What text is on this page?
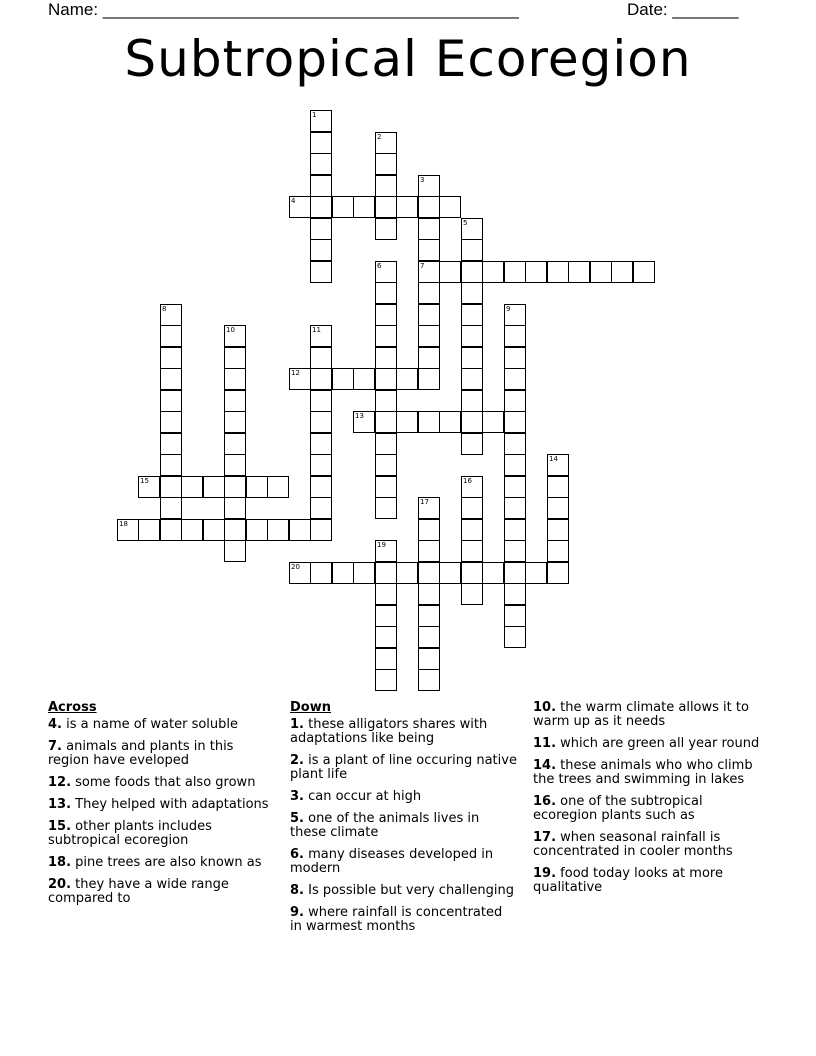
Name: ____________________________________________	Date: _______
Subtropical Ecoregion
1
2
3
7
4
5
6
8	9
10	11
12
13
14
15	16
17
18
19
20
Across
4. is a name of water soluble
7. animals and plants in this region have eveloped
12. some foods that also grown
13. They helped with adaptations
15. other plants includes subtropical ecoregion
18. pine trees are also known as
20. they have a wide range compared to
Down
1. these alligators shares with adaptations like being
2. is a plant of line occuring native plant life
3. can occur at high
5. one of the animals lives in these climate
6. many diseases developed in modern
8. Is possible but very challenging
9. where rainfall is concentrated in warmest months
10. the warm climate allows it to warm up as it needs
11. which are green all year round
14. these animals who who climb the trees and swimming in lakes
16. one of the subtropical ecoregion plants such as
17. when seasonal rainfall is concentrated in cooler months
19. food today looks at more qualitative
